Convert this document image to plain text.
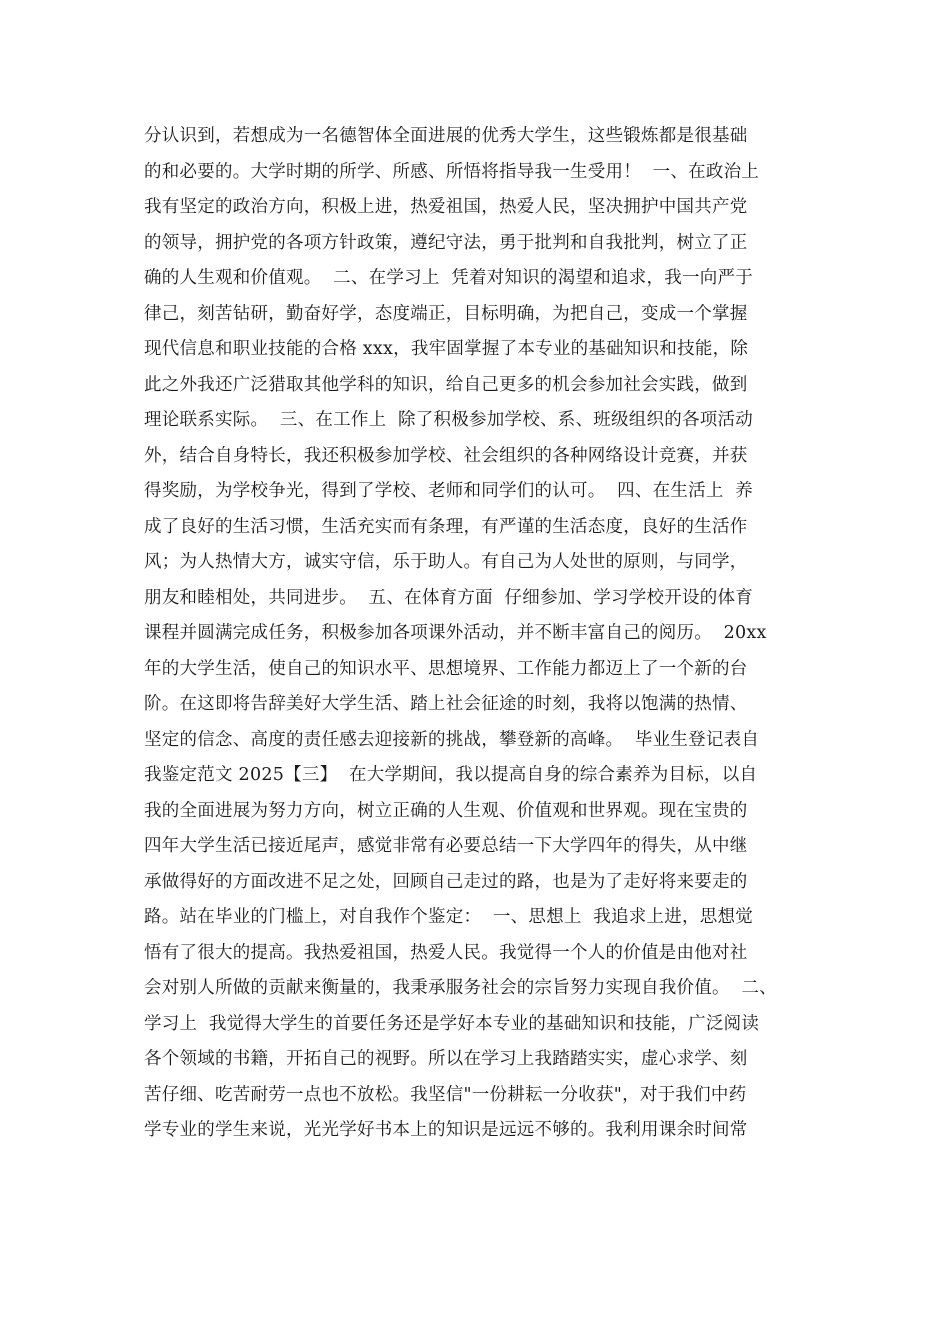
分认识到，若想成为一名德智体全面进展的优秀大学生，这些锻炼都是很基础
的和必要的。大学时期的所学、所感、所悟将指导我一生受用！  一、在政治上
我有坚定的政治方向，积极上进，热爱祖国，热爱人民，坚决拥护中国共产党
的领导，拥护党的各项方针政策，遵纪守法，勇于批判和自我批判，树立了正
确的人生观和价值观。  二、在学习上  凭着对知识的渴望和追求，我一向严于
律己，刻苦钻研，勤奋好学，态度端正，目标明确，为把自己，变成一个掌握
现代信息和职业技能的合格 xxx，我牢固掌握了本专业的基础知识和技能，除
此之外我还广泛猎取其他学科的知识，给自己更多的机会参加社会实践，做到
理论联系实际。  三、在工作上  除了积极参加学校、系、班级组织的各项活动
外，结合自身特长，我还积极参加学校、社会组织的各种网络设计竞赛，并获
得奖励，为学校争光，得到了学校、老师和同学们的认可。  四、在生活上  养
成了良好的生活习惯，生活充实而有条理，有严谨的生活态度，良好的生活作
风；为人热情大方，诚实守信，乐于助人。有自己为人处世的原则，与同学，
朋友和睦相处，共同进步。  五、在体育方面  仔细参加、学习学校开设的体育
课程并圆满完成任务，积极参加各项课外活动，并不断丰富自己的阅历。  20xx
年的大学生活，使自己的知识水平、思想境界、工作能力都迈上了一个新的台
阶。在这即将告辞美好大学生活、踏上社会征途的时刻，我将以饱满的热情、
坚定的信念、高度的责任感去迎接新的挑战，攀登新的高峰。  毕业生登记表自
我鉴定范文 2025【三】  在大学期间，我以提高自身的综合素养为目标，以自
我的全面进展为努力方向，树立正确的人生观、价值观和世界观。现在宝贵的
四年大学生活已接近尾声，感觉非常有必要总结一下大学四年的得失，从中继
承做得好的方面改进不足之处，回顾自己走过的路，也是为了走好将来要走的
路。站在毕业的门槛上，对自我作个鉴定：  一、思想上  我追求上进，思想觉
悟有了很大的提高。我热爱祖国，热爱人民。我觉得一个人的价值是由他对社
会对别人所做的贡献来衡量的，我秉承服务社会的宗旨努力实现自我价值。  二、
学习上  我觉得大学生的首要任务还是学好本专业的基础知识和技能，广泛阅读
各个领域的书籍，开拓自己的视野。所以在学习上我踏踏实实，虚心求学、刻
苦仔细、吃苦耐劳一点也不放松。我坚信"一份耕耘一分收获"，对于我们中药
学专业的学生来说，光光学好书本上的知识是远远不够的。我利用课余时间常
